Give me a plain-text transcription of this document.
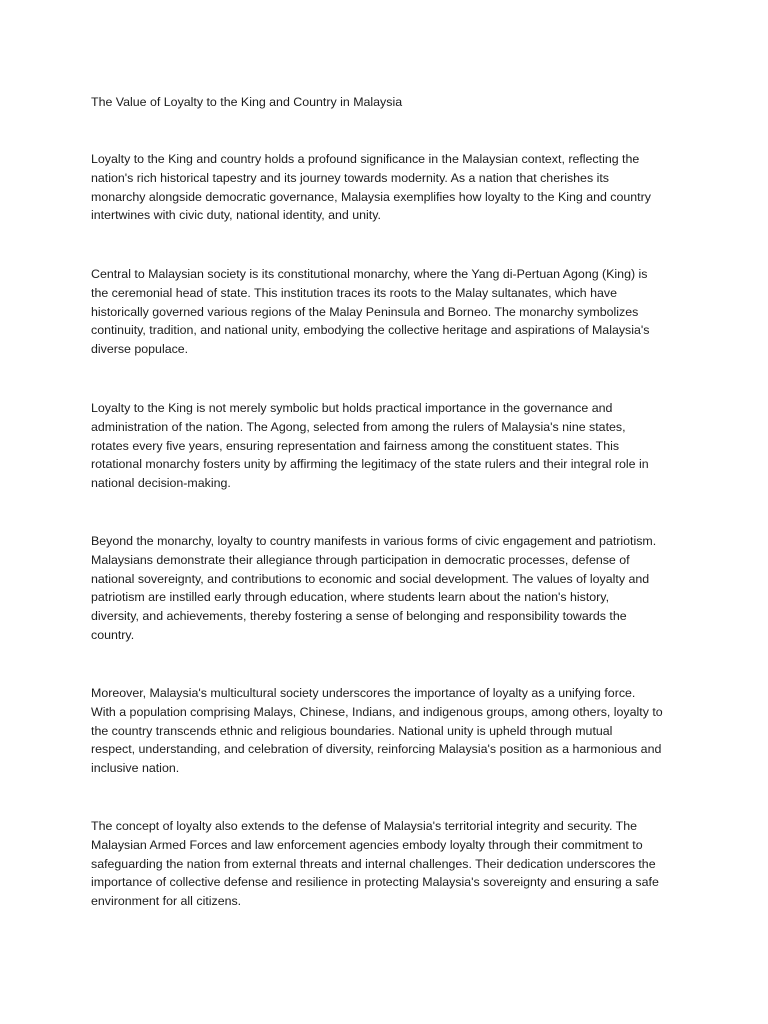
The Value of Loyalty to the King and Country in Malaysia

Loyalty to the King and country holds a profound significance in the Malaysian context, reflecting the
nation's rich historical tapestry and its journey towards modernity. As a nation that cherishes its
monarchy alongside democratic governance, Malaysia exemplifies how loyalty to the King and country
intertwines with civic duty, national identity, and unity.

Central to Malaysian society is its constitutional monarchy, where the Yang di-Pertuan Agong (King) is
the ceremonial head of state. This institution traces its roots to the Malay sultanates, which have
historically governed various regions of the Malay Peninsula and Borneo. The monarchy symbolizes
continuity, tradition, and national unity, embodying the collective heritage and aspirations of Malaysia's
diverse populace.

Loyalty to the King is not merely symbolic but holds practical importance in the governance and
administration of the nation. The Agong, selected from among the rulers of Malaysia's nine states,
rotates every five years, ensuring representation and fairness among the constituent states. This
rotational monarchy fosters unity by affirming the legitimacy of the state rulers and their integral role in
national decision-making.

Beyond the monarchy, loyalty to country manifests in various forms of civic engagement and patriotism.
Malaysians demonstrate their allegiance through participation in democratic processes, defense of
national sovereignty, and contributions to economic and social development. The values of loyalty and
patriotism are instilled early through education, where students learn about the nation's history,
diversity, and achievements, thereby fostering a sense of belonging and responsibility towards the
country.

Moreover, Malaysia's multicultural society underscores the importance of loyalty as a unifying force.
With a population comprising Malays, Chinese, Indians, and indigenous groups, among others, loyalty to
the country transcends ethnic and religious boundaries. National unity is upheld through mutual
respect, understanding, and celebration of diversity, reinforcing Malaysia's position as a harmonious and
inclusive nation.

The concept of loyalty also extends to the defense of Malaysia's territorial integrity and security. The
Malaysian Armed Forces and law enforcement agencies embody loyalty through their commitment to
safeguarding the nation from external threats and internal challenges. Their dedication underscores the
importance of collective defense and resilience in protecting Malaysia's sovereignty and ensuring a safe
environment for all citizens.
